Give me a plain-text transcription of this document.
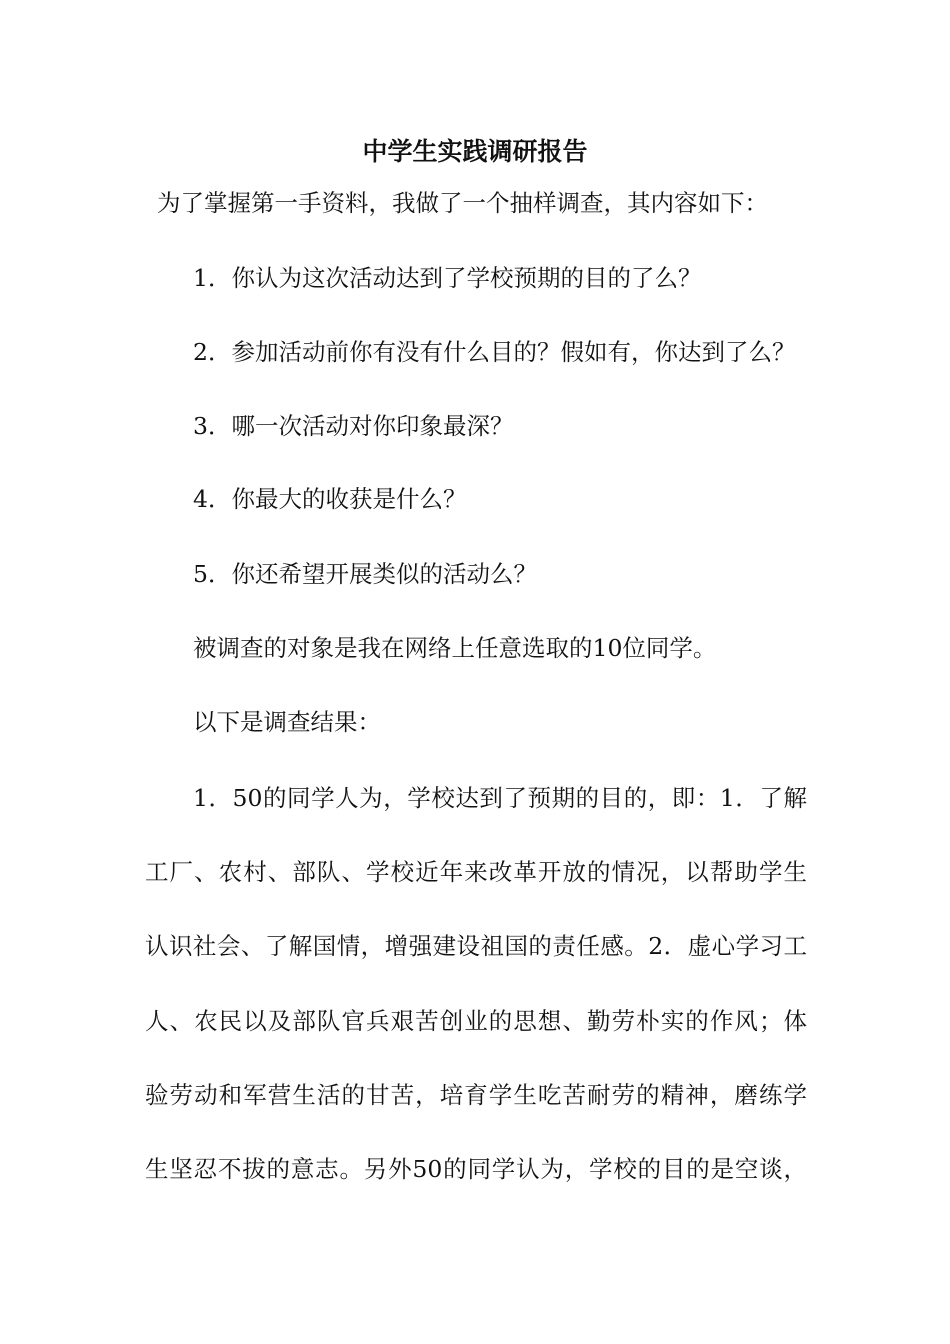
中学生实践调研报告
为了掌握第一手资料，我做了一个抽样调查，其内容如下：
1．你认为这次活动达到了学校预期的目的了么？
2．参加活动前你有没有什么目的？假如有，你达到了么？
3．哪一次活动对你印象最深？
4．你最大的收获是什么？
5．你还希望开展类似的活动么？
被调查的对象是我在网络上任意选取的10位同学。
以下是调查结果：
1．50的同学人为，学校达到了预期的目的，即：1．了解
工厂、农村、部队、学校近年来改革开放的情况，以帮助学生
认识社会、了解国情，增强建设祖国的责任感。2．虚心学习工
人、农民以及部队官兵艰苦创业的思想、勤劳朴实的作风；体
验劳动和军营生活的甘苦，培育学生吃苦耐劳的精神，磨练学
生坚忍不拔的意志。另外50的同学认为，学校的目的是空谈，
